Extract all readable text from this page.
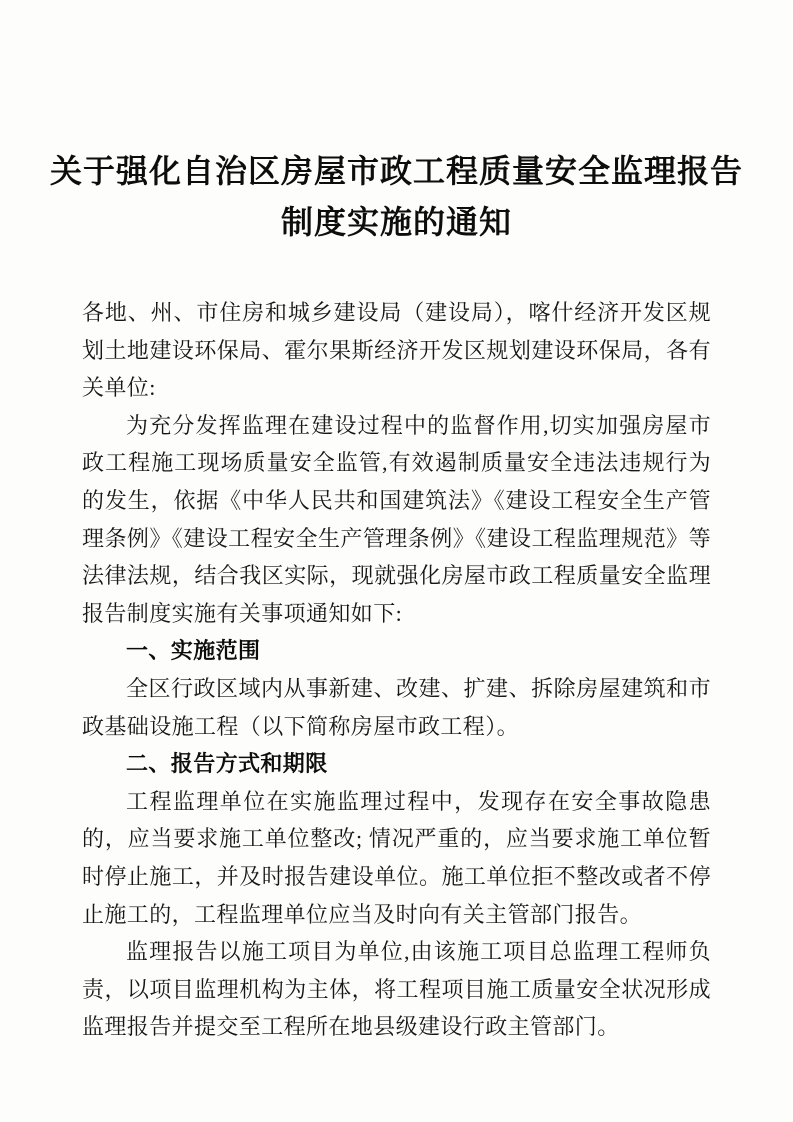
关于强化自治区房屋市政工程质量安全监理报告制度实施的通知

各地、州、市住房和城乡建设局（建设局），喀什经济开发区规划土地建设环保局、霍尔果斯经济开发区规划建设环保局，各有关单位:

为充分发挥监理在建设过程中的监督作用,切实加强房屋市政工程施工现场质量安全监管,有效遏制质量安全违法违规行为的发生，依据《中华人民共和国建筑法》《建设工程安全生产管理条例》《建设工程安全生产管理条例》《建设工程监理规范》等法律法规，结合我区实际，现就强化房屋市政工程质量安全监理报告制度实施有关事项通知如下:

一、实施范围

全区行政区域内从事新建、改建、扩建、拆除房屋建筑和市政基础设施工程（以下简称房屋市政工程）。

二、报告方式和期限

工程监理单位在实施监理过程中，发现存在安全事故隐患的，应当要求施工单位整改; 情况严重的，应当要求施工单位暂时停止施工，并及时报告建设单位。施工单位拒不整改或者不停止施工的，工程监理单位应当及时向有关主管部门报告。

监理报告以施工项目为单位,由该施工项目总监理工程师负责，以项目监理机构为主体，将工程项目施工质量安全状况形成监理报告并提交至工程所在地县级建设行政主管部门。
